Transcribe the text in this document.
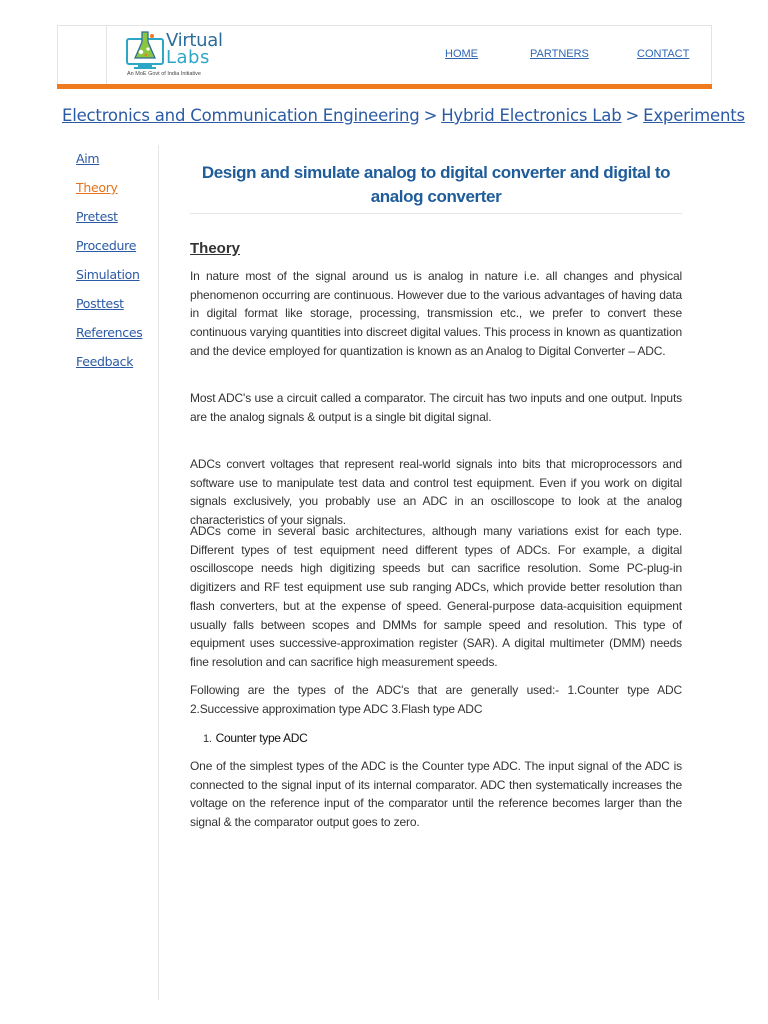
Virtual
Labs
An MoE Govt of India Initiative
HOME	PARTNERS	CONTACT
Electronics and Communication Engineering > Hybrid Electronics Lab > Experiments
Aim
Theory
Pretest
Procedure
Simulation
Posttest
References
Feedback
Design and simulate analog to digital converter and digital to analog converter
Theory

In nature most of the signal around us is analog in nature i.e. all changes and physical phenomenon occurring are continuous. However due to the various advantages of having data in digital format like storage, processing, transmission etc., we prefer to convert these continuous varying quantities into discreet digital values. This process in known as quantization and the device employed for quantization is known as an Analog to Digital Converter – ADC.

Most ADC's use a circuit called a comparator. The circuit has two inputs and one output. Inputs are the analog signals & output is a single bit digital signal.

ADCs convert voltages that represent real-world signals into bits that microprocessors and software use to manipulate test data and control test equipment. Even if you work on digital signals exclusively, you probably use an ADC in an oscilloscope to look at the analog characteristics of your signals.

ADCs come in several basic architectures, although many variations exist for each type. Different types of test equipment need different types of ADCs. For example, a digital oscilloscope needs high digitizing speeds but can sacrifice resolution. Some PC-plug-in digitizers and RF test equipment use sub ranging ADCs, which provide better resolution than flash converters, but at the expense of speed. General-purpose data-acquisition equipment usually falls between scopes and DMMs for sample speed and resolution. This type of equipment uses successive-approximation register (SAR). A digital multimeter (DMM) needs fine resolution and can sacrifice high measurement speeds.

Following are the types of the ADC's that are generally used:- 1.Counter type ADC 2.Successive approximation type ADC 3.Flash type ADC

1. Counter type ADC

One of the simplest types of the ADC is the Counter type ADC. The input signal of the ADC is connected to the signal input of its internal comparator. ADC then systematically increases the voltage on the reference input of the comparator until the reference becomes larger than the signal & the comparator output goes to zero.
